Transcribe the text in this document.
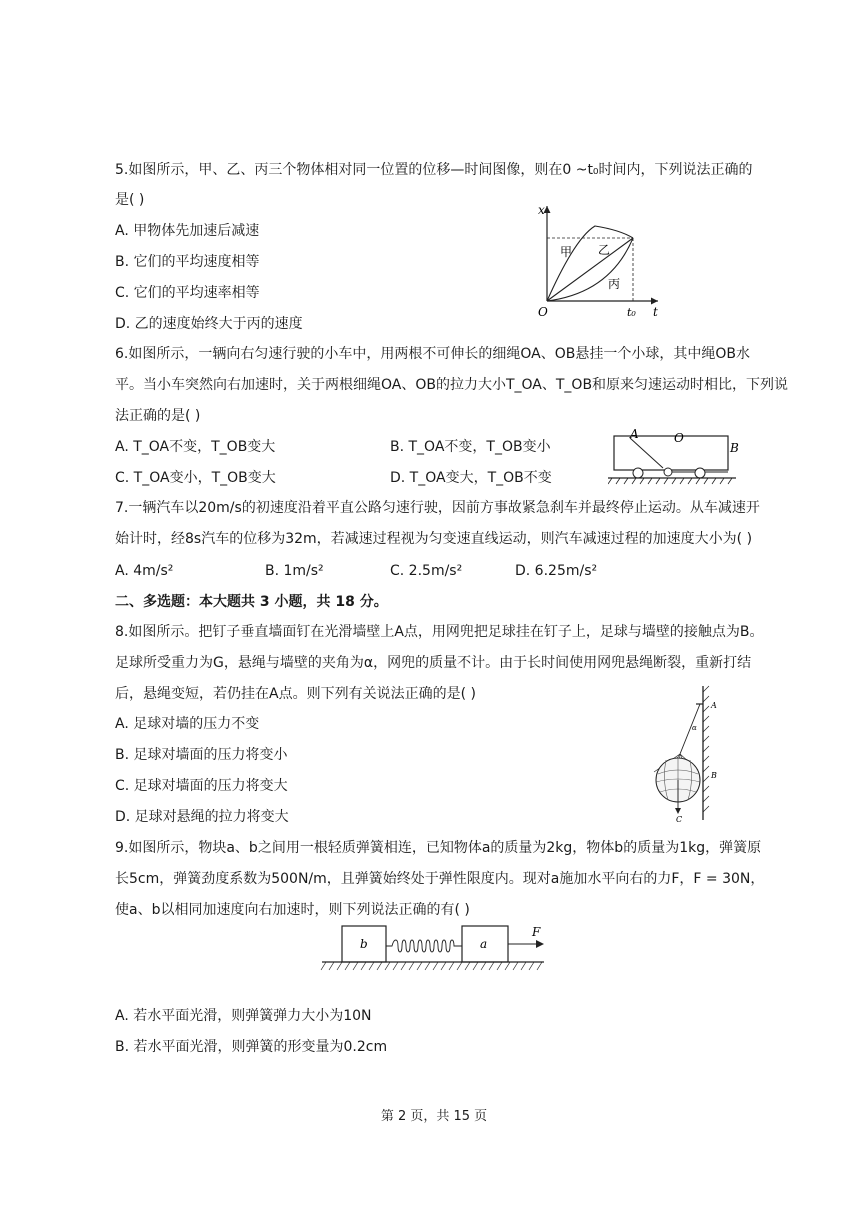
5.如图所示，甲、乙、丙三个物体相对同一位置的位移—时间图像，则在0 ~t₀时间内，下列说法正确的
是( )
A. 甲物体先加速后减速
B. 它们的平均速度相等
C. 它们的平均速率相等
D. 乙的速度始终大于丙的速度
x
t
O	t₀
甲 乙
丙
6.如图所示，一辆向右匀速行驶的小车中，用两根不可伸长的细绳OA、OB悬挂一个小球，其中绳OB水
平。当小车突然向右加速时，关于两根细绳OA、OB的拉力大小T_OA、T_OB和原来匀速运动时相比，下列说
法正确的是( )
A. T_OA不变，T_OB变大	B. T_OA不变，T_OB变小
C. T_OA变小，T_OB变大	D. T_OA变大，T_OB不变
A	O
B
7.一辆汽车以20m/s的初速度沿着平直公路匀速行驶，因前方事故紧急刹车并最终停止运动。从车减速开
始计时，经8s汽车的位移为32m，若减速过程视为匀变速直线运动，则汽车减速过程的加速度大小为( )
A. 4m/s²	B. 1m/s²	C. 2.5m/s²	D. 6.25m/s²
二、多选题：本大题共 3 小题，共 18 分。
8.如图所示。把钉子垂直墙面钉在光滑墙壁上A点，用网兜把足球挂在钉子上，足球与墙壁的接触点为B。
足球所受重力为G，悬绳与墙壁的夹角为α，网兜的质量不计。由于长时间使用网兜悬绳断裂，重新打结
后，悬绳变短，若仍挂在A点。则下列有关说法正确的是( )
A. 足球对墙的压力不变
B. 足球对墙面的压力将变小
C. 足球对墙面的压力将变大
D. 足球对悬绳的拉力将变大
A
α
B
C
9.如图所示，物块a、b之间用一根轻质弹簧相连，已知物体a的质量为2kg，物体b的质量为1kg，弹簧原
长5cm，弹簧劲度系数为500N/m，且弹簧始终处于弹性限度内。现对a施加水平向右的力F，F = 30N，
使a、b以相同加速度向右加速时，则下列说法正确的有( )
b	a
F
A. 若水平面光滑，则弹簧弹力大小为10N
B. 若水平面光滑，则弹簧的形变量为0.2cm
第 2 页，共 15 页
